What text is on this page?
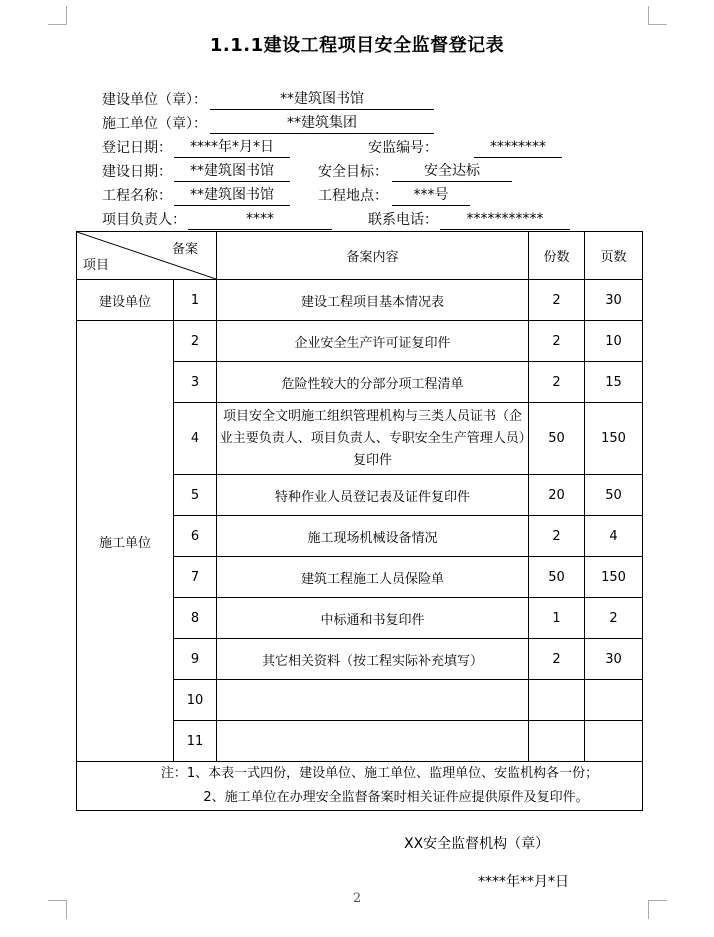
1.1.1建设工程项目安全监督登记表
建设单位（章）：	**建筑图书馆
施工单位（章）：	**建筑集团
登记日期：	****年*月*日	安监编号：	********
建设日期：	**建筑图书馆	安全目标：	安全达标
工程名称：	**建筑图书馆	工程地点：	***号
项目负责人：	****	联系电话：	***********
备案
项目		备案内容	份数	页数
建设单位	1	建设工程项目基本情况表	2	30
施工单位	2	企业安全生产许可证复印件	2	10
	3	危险性较大的分部分项工程清单	2	15
	4	项目安全文明施工组织管理机构与三类人员证书（企业主要负责人、项目负责人、专职安全生产管理人员）复印件	50	150
	5	特种作业人员登记表及证件复印件	20	50
	6	施工现场机械设备情况	2	4
	7	建筑工程施工人员保险单	50	150
	8	中标通和书复印件	1	2
	9	其它相关资料（按工程实际补充填写）	2	30
	10			
	11			

注：1、本表一式四份，建设单位、施工单位、监理单位、安监机构各一份；
2、施工单位在办理安全监督备案时相关证件应提供原件及复印件。				
XX安全监督机构（章）
****年**月*日
2
